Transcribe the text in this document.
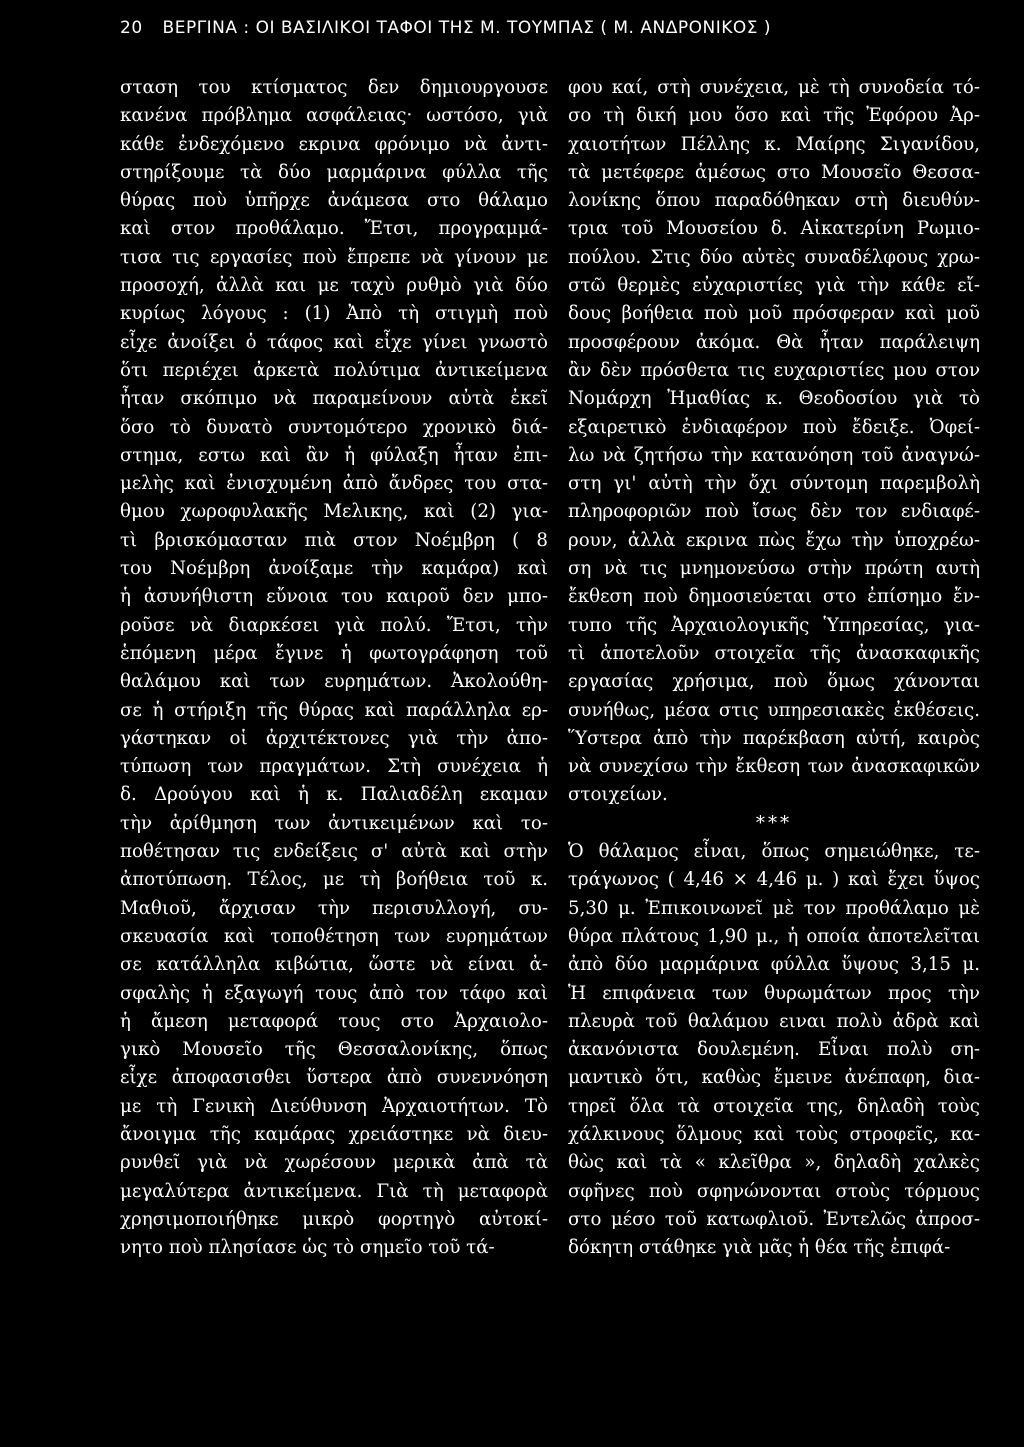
20 ΒΕΡΓΙΝΑ : ΟΙ ΒΑΣΙΛΙΚΟΙ ΤΑΦΟΙ ΤΗΣ Μ. ΤΟΥΜΠΑΣ ( Μ. ΑΝΔΡΟΝΙΚΟΣ )
σταση του κτίσματος δεν δημιουργουσε
κανένα πρόβλημα ασφάλειας· ωστόσο, γιὰ
κάθε ἐνδεχόμενο εκρινα φρόνιμο νὰ ἀντι-
στηρίξουμε τὰ δύο μαρμάρινα φύλλα τῆς
θύρας ποὺ ὑπῆρχε ἀνάμεσα στο θάλαμο
καὶ στον προθάλαμο. Ἔτσι, προγραμμά-
τισα τις εργασίες ποὺ ἔπρεπε νὰ γίνουν με
προσοχή, ἀλλὰ και με ταχὺ ρυθμὸ γιὰ δύο
κυρίως λόγους : (1) Ἀπὸ τὴ στιγμὴ ποὺ
εἶχε ἀνοίξει ὁ τάφος καὶ εἶχε γίνει γνωστὸ
ὅτι περιέχει ἀρκετὰ πολύτιμα ἀντικείμενα
ἦταν σκόπιμο νὰ παραμείνουν αὐτὰ ἐκεῖ
ὅσο τὸ δυνατὸ συντομότερο χρονικὸ διά-
στημα, εστω καὶ ἂν ἡ φύλαξη ἦταν ἐπι-
μελὴς καὶ ἐνισχυμένη ἀπὸ ἄνδρες του στα-
θμου χωροφυλακῆς Μελικης, καὶ (2) για-
τὶ βρισκόμασταν πιὰ στον Νοέμβρη ( 8
του Νοέμβρη ἀνοίξαμε τὴν καμάρα) καὶ
ἡ ἀσυνήθιστη εὔνοια του καιροῦ δεν μπο-
ροῦσε νὰ διαρκέσει γιὰ πολύ. Ἔτσι, τὴν
ἑπόμενη μέρα ἔγινε ἡ φωτογράφηση τοῦ
θαλάμου καὶ των ευρημάτων. Ἀκολούθη-
σε ἡ στήριξη τῆς θύρας καὶ παράλληλα ερ-
γάστηκαν οἱ ἀρχιτέκτονες γιὰ τὴν ἀπο-
τύπωση των πραγμάτων. Στὴ συνέχεια ἡ
δ. Δρούγου καὶ ἡ κ. Παλιαδέλη εκαμαν
τὴν ἀρίθμηση των ἀντικειμένων καὶ το-
ποθέτησαν τις ενδείξεις σ' αὐτὰ καὶ στὴν
ἀποτύπωση. Τέλος, με τὴ βοήθεια τοῦ κ.
Μαθιοῦ, ἄρχισαν τὴν περισυλλογή, συ-
σκευασία καὶ τοποθέτηση των ευρημάτων
σε κατάλληλα κιβώτια, ὥστε νὰ είναι ἀ-
σφαλὴς ἡ εξαγωγή τους ἀπὸ τον τάφο καὶ
ἡ ἄμεση μεταφορά τους στο Ἀρχαιολο-
γικὸ Μουσεῖο τῆς Θεσσαλονίκης, ὅπως
εἶχε ἀποφασισθει ὕστερα ἀπὸ συνεννόηση
με τὴ Γενικὴ Διεύθυνση Ἀρχαιοτήτων. Τὸ
ἄνοιγμα τῆς καμάρας χρειάστηκε νὰ διευ-
ρυνθεῖ γιὰ νὰ χωρέσουν μερικὰ ἀπὰ τὰ
μεγαλύτερα ἀντικείμενα. Γιὰ τὴ μεταφορὰ
χρησιμοποιήθηκε μικρὸ φορτηγὸ αὐτοκί-
νητο ποὺ πλησίασε ὡς τὸ σημεῖο τοῦ τά-
φου καί, στὴ συνέχεια, μὲ τὴ συνοδεία τό-
σο τὴ δική μου ὅσο καὶ τῆς Ἐφόρου Ἀρ-
χαιοτήτων Πέλλης κ. Μαίρης Σιγανίδου,
τὰ μετέφερε ἀμέσως στο Μουσεῖο Θεσσα-
λονίκης ὅπου παραδόθηκαν στὴ διευθύν-
τρια τοῦ Μουσείου δ. Αἰκατερίνη Ρωμιο-
πούλου. Στις δύο αὐτὲς συναδέλφους χρω-
στῶ θερμὲς εὐχαριστίες γιὰ τὴν κάθε εἴ-
δους βοήθεια ποὺ μοῦ πρόσφεραν καὶ μοῦ
προσφέρουν ἀκόμα. Θὰ ἦταν παράλειψη
ἂν δὲν πρόσθετα τις ευχαριστίες μου στον
Νομάρχη Ἠμαθίας κ. Θεοδοσίου γιὰ τὸ
εξαιρετικὸ ἐνδιαφέρον ποὺ ἔδειξε. Ὀφεί-
λω νὰ ζητήσω τὴν κατανόηση τοῦ ἀναγνώ-
στη γι' αὐτὴ τὴν ὄχι σύντομη παρεμβολὴ
πληροφοριῶν ποὺ ἴσως δὲν τον ενδιαφέ-
ρουν, ἀλλὰ εκρινα πὼς ἔχω τὴν ὑποχρέω-
ση νὰ τις μνημονεύσω στὴν πρώτη αυτὴ
ἔκθεση ποὺ δημοσιεύεται στο ἐπίσημο ἔν-
τυπο τῆς Ἀρχαιολογικῆς Ὑπηρεσίας, για-
τὶ ἀποτελοῦν στοιχεῖα τῆς ἀνασκαφικῆς
εργασίας χρήσιμα, ποὺ ὅμως χάνονται
συνήθως, μέσα στις υπηρεσιακὲς ἐκθέσεις.
Ὕστερα ἀπὸ τὴν παρέκβαση αὐτή, καιρὸς
νὰ συνεχίσω τὴν ἔκθεση των ἀνασκαφικῶν
στοιχείων.
***
Ὁ θάλαμος εἶναι, ὅπως σημειώθηκε, τε-
τράγωνος ( 4,46 × 4,46 μ. ) καὶ ἔχει ὕψος
5,30 μ. Ἐπικοινωνεῖ μὲ τον προθάλαμο μὲ
θύρα πλάτους 1,90 μ., ἡ οποία ἀποτελεῖται
ἀπὸ δύο μαρμάρινα φύλλα ὕψους 3,15 μ.
Ἡ επιφάνεια των θυρωμάτων προς τὴν
πλευρὰ τοῦ θαλάμου ειναι πολὺ ἀδρὰ καὶ
ἀκανόνιστα δουλεμένη. Εἶναι πολὺ ση-
μαντικὸ ὅτι, καθὼς ἔμεινε ἀνέπαφη, δια-
τηρεῖ ὅλα τὰ στοιχεῖα της, δηλαδὴ τοὺς
χάλκινους ὅλμους καὶ τοὺς στροφεῖς, κα-
θὼς καὶ τὰ « κλεῖθρα », δηλαδὴ χαλκὲς
σφῆνες ποὺ σφηνώνονται στοὺς τόρμους
στο μέσο τοῦ κατωφλιοῦ. Ἐντελῶς ἀπροσ-
δόκητη στάθηκε γιὰ μᾶς ἡ θέα τῆς ἐπιφά-
